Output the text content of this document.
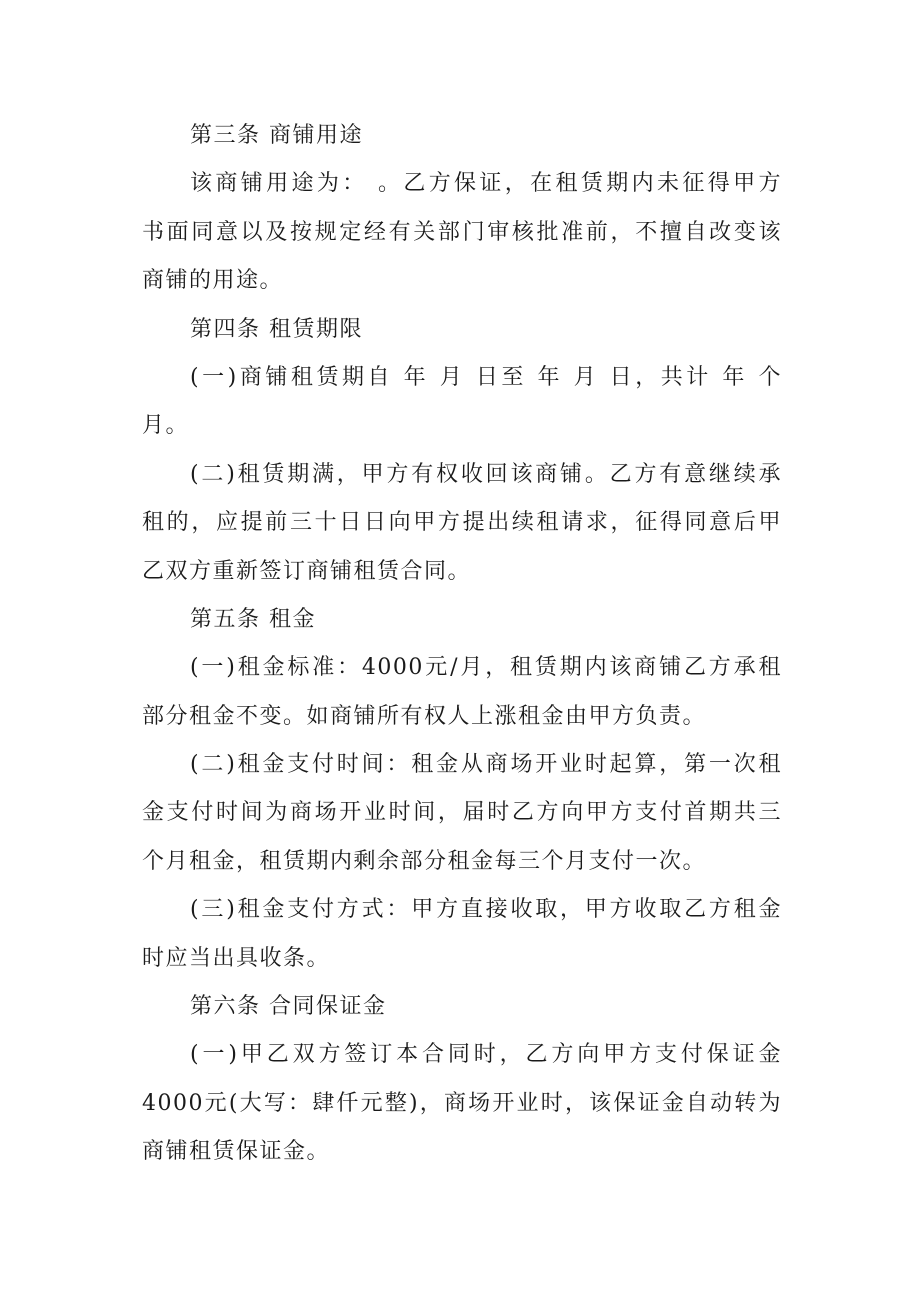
第三条 商铺用途
该商铺用途为： 。乙方保证，在租赁期内未征得甲方
书面同意以及按规定经有关部门审核批准前，不擅自改变该
商铺的用途。
第四条 租赁期限
(一)商铺租赁期自 年 月 日至 年 月 日，共计 年 个
月。
(二)租赁期满，甲方有权收回该商铺。乙方有意继续承
租的，应提前三十日日向甲方提出续租请求，征得同意后甲
乙双方重新签订商铺租赁合同。
第五条 租金
(一)租金标准：4000元/月，租赁期内该商铺乙方承租
部分租金不变。如商铺所有权人上涨租金由甲方负责。
(二)租金支付时间：租金从商场开业时起算，第一次租
金支付时间为商场开业时间，届时乙方向甲方支付首期共三
个月租金，租赁期内剩余部分租金每三个月支付一次。
(三)租金支付方式：甲方直接收取，甲方收取乙方租金
时应当出具收条。
第六条 合同保证金
(一)甲乙双方签订本合同时，乙方向甲方支付保证金
4000元(大写：肆仟元整)，商场开业时，该保证金自动转为
商铺租赁保证金。
